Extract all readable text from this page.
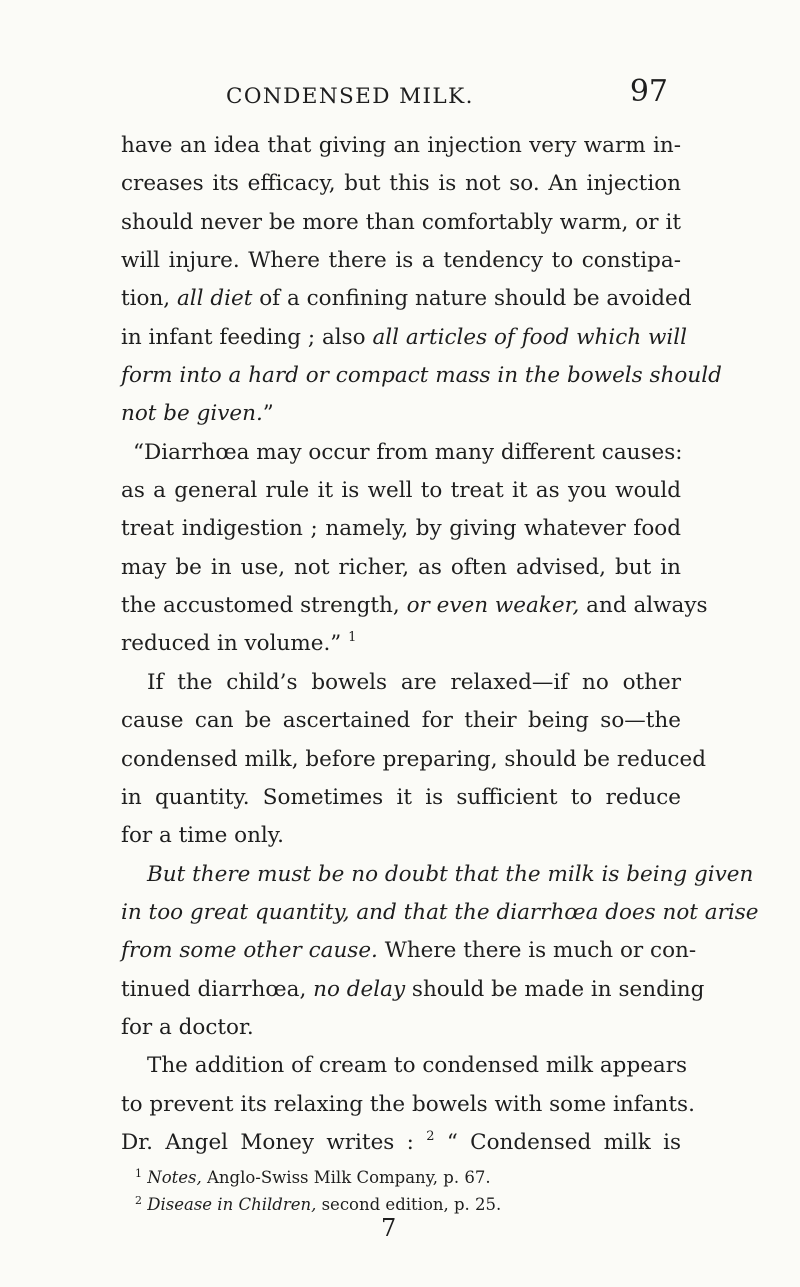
CONDENSED MILK.	97
have an idea that giving an injection very warm in-
creases its efficacy, but this is not so. An injection
should never be more than comfortably warm, or it
will injure. Where there is a tendency to constipa-
tion, all diet of a confining nature should be avoided
in infant feeding ; also all articles of food which will
form into a hard or compact mass in the bowels should
not be given.”
“Diarrhœa may occur from many different causes:
as a general rule it is well to treat it as you would
treat indigestion ; namely, by giving whatever food
may be in use, not richer, as often advised, but in
the accustomed strength, or even weaker, and always
reduced in volume.” $^1$
If the child’s bowels are relaxed—if no other
cause can be ascertained for their being so—the
condensed milk, before preparing, should be reduced
in quantity. Sometimes it is sufficient to reduce
for a time only.
But there must be no doubt that the milk is being given
in too great quantity, and that the diarrhœa does not arise
from some other cause. Where there is much or con-
tinued diarrhœa, no delay should be made in sending
for a doctor.
The addition of cream to condensed milk appears
to prevent its relaxing the bowels with some infants.
Dr. Angel Money writes : $^2$ “ Condensed milk is
$^1$ Notes, Anglo-Swiss Milk Company, p. 67.
$^2$ Disease in Children, second edition, p. 25.
7
